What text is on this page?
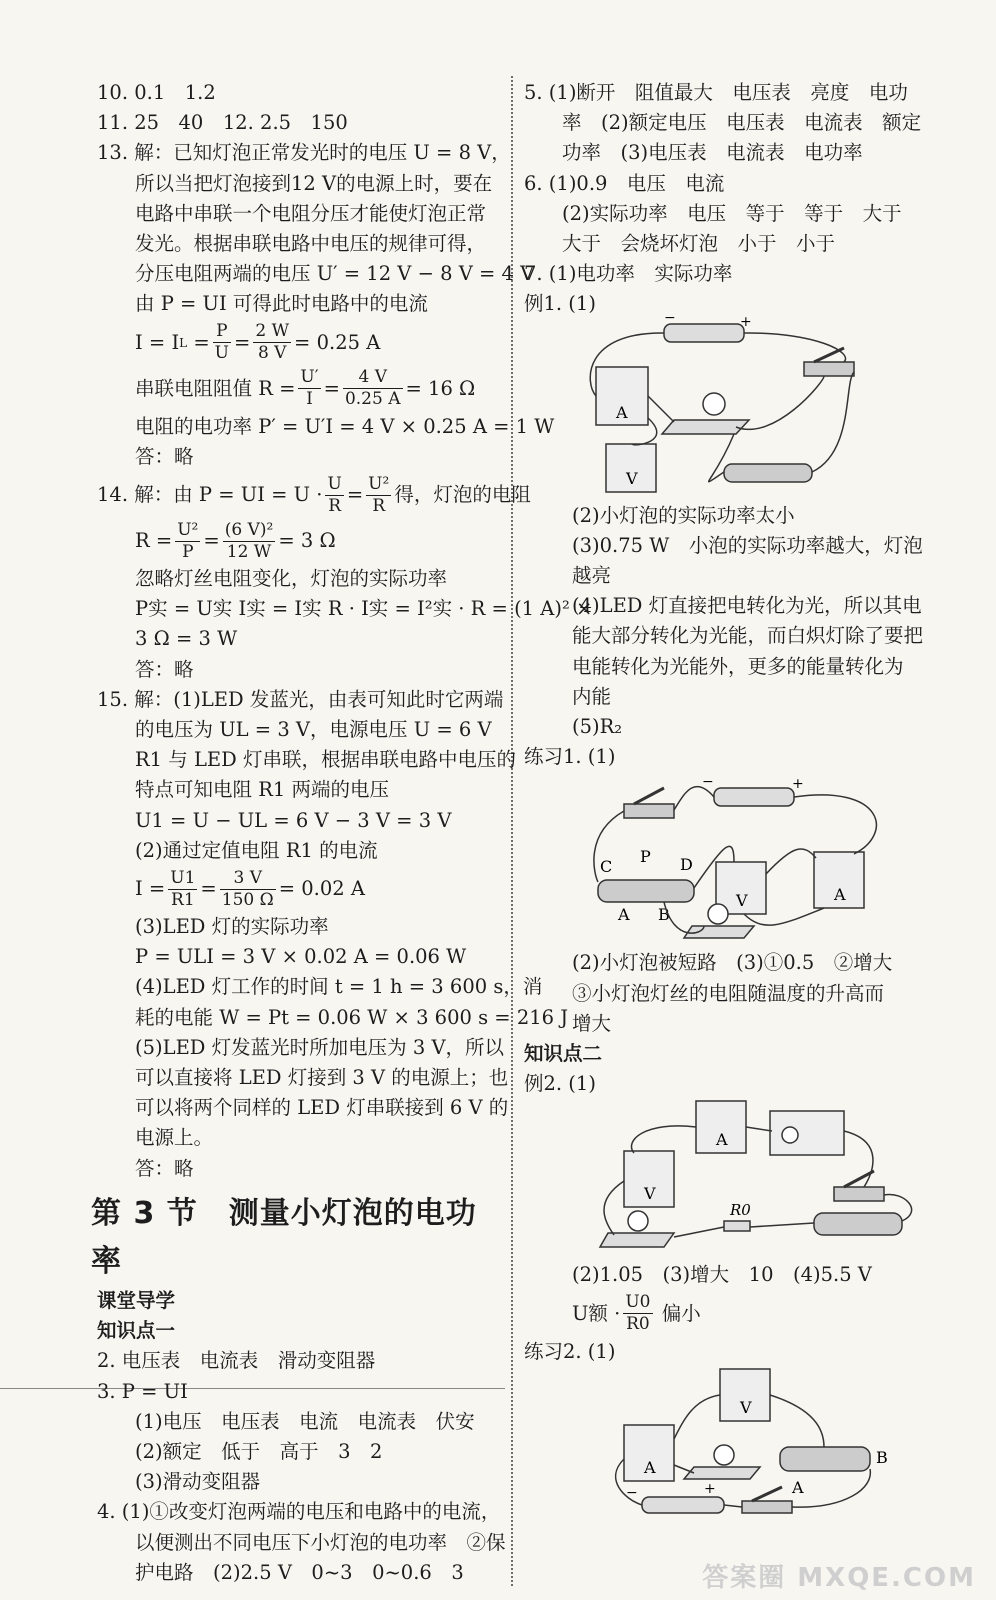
10. 0.1　1.2
11. 25　40　12. 2.5　150
13. 解：已知灯泡正常发光时的电压 U = 8 V，
所以当把灯泡接到12 V的电源上时，要在
电路中串联一个电阻分压才能使灯泡正常
发光。根据串联电路中电压的规律可得，
分压电阻两端的电压 U′ = 12 V − 8 V = 4 V
由 P = UI 可得此时电路中的电流
I = I L = P
$U = \frac{2 W}{8 V} = 0.25$ A
串联电阻阻值 $R = \frac{U'}{I} = \frac{4 V}{0.25 A} = 16$ Ω
电阻的电功率 P′ = U′I = 4 V × 0.25 A = 1 W
答：略
14. 解：由 P = UI = U · U
R = U²
R 得，灯泡的电阻
$R = \frac{\text{U²}}{P} = \frac{\text{(6 V)²}}{12 W} = 3$ Ω
忽略灯丝电阻变化，灯泡的实际功率
P实 = U实 I实 = I实 R · I实 = I²实 · R = (1 A)² ×
3 Ω = 3 W
答：略
15. 解：(1)LED 发蓝光，由表可知此时它两端
的电压为 UL = 3 V，电源电压 U = 6 V
R1 与 LED 灯串联，根据串联电路中电压的
特点可知电阻 R1 两端的电压
U1 = U − UL = 6 V − 3 V = 3 V
(2)通过定值电阻 R1 的电流
$I = \frac{U1}{R1} = \frac{3 V}{150 \Omega} = 0.02$ A
(3)LED 灯的实际功率
P = ULI = 3 V × 0.02 A = 0.06 W
(4)LED 灯工作的时间 t = 1 h = 3 600 s，消
耗的电能 W = Pt = 0.06 W × 3 600 s = 216 J
(5)LED 灯发蓝光时所加电压为 3 V，所以
可以直接将 LED 灯接到 3 V 的电源上；也
可以将两个同样的 LED 灯串联接到 6 V 的
电源上。
答：略
第 3 节　测量小灯泡的电功率
课堂导学
知识点一
2. 电压表　电流表　滑动变阻器
3. P = UI
(1)电压　电压表　电流　电流表　伏安
(2)额定　低于　高于　3　2
(3)滑动变阻器
4. (1)①改变灯泡两端的电压和电路中的电流，
以便测出不同电压下小灯泡的电功率　②保
护电路　(2)2.5 V　0~3　0~0.6　3
5. (1)断开　阻值最大　电压表　亮度　电功
率　(2)额定电压　电压表　电流表　额定
功率　(3)电压表　电流表　电功率
6. (1)0.9　电压　电流
(2)实际功率　电压　等于　等于　大于
大于　会烧坏灯泡　小于　小于
7. (1)电功率　实际功率
例1. (1)
−	+
A
V
(2)小灯泡的实际功率太小
(3)0.75 W　小泡的实际功率越大，灯泡
越亮
(4)LED 灯直接把电转化为光，所以其电
能大部分转化为光能，而白炽灯除了要把
电能转化为光能外，更多的能量转化为
内能
(5)R₂
练习1. (1)
−	+
C
P D
A B
V	A
(2)小灯泡被短路　(3)①0.5　②增大
③小灯泡灯丝的电阻随温度的升高而
增大
知识点二
例2. (1)
A
V
R0
(2)1.05　(3)增大　10　(4)5.5 V
U额 · U0
R0
偏小
练习2. (1)
V
A
B
A
−	+
答案圈 MXQE.COM
